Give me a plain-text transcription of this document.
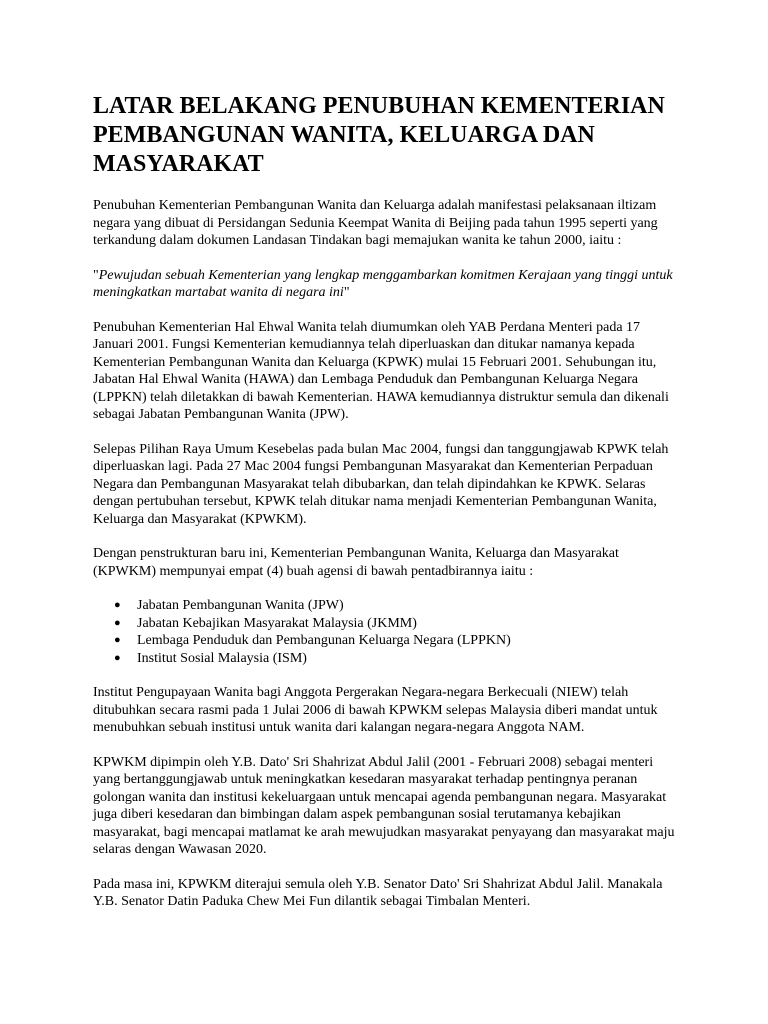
LATAR BELAKANG PENUBUHAN KEMENTERIAN PEMBANGUNAN WANITA, KELUARGA DAN MASYARAKAT

Penubuhan Kementerian Pembangunan Wanita dan Keluarga adalah manifestasi pelaksanaan iltizam negara yang dibuat di Persidangan Sedunia Keempat Wanita di Beijing pada tahun 1995 seperti yang terkandung dalam dokumen Landasan Tindakan bagi memajukan wanita ke tahun 2000, iaitu :

"Pewujudan sebuah Kementerian yang lengkap menggambarkan komitmen Kerajaan yang tinggi untuk meningkatkan martabat wanita di negara ini"

Penubuhan Kementerian Hal Ehwal Wanita telah diumumkan oleh YAB Perdana Menteri pada 17 Januari 2001. Fungsi Kementerian kemudiannya telah diperluaskan dan ditukar namanya kepada Kementerian Pembangunan Wanita dan Keluarga (KPWK) mulai 15 Februari 2001. Sehubungan itu, Jabatan Hal Ehwal Wanita (HAWA) dan Lembaga Penduduk dan Pembangunan Keluarga Negara (LPPKN) telah diletakkan di bawah Kementerian. HAWA kemudiannya distruktur semula dan dikenali sebagai Jabatan Pembangunan Wanita (JPW).

Selepas Pilihan Raya Umum Kesebelas pada bulan Mac 2004, fungsi dan tanggungjawab KPWK telah diperluaskan lagi. Pada 27 Mac 2004 fungsi Pembangunan Masyarakat dan Kementerian Perpaduan Negara dan Pembangunan Masyarakat telah dibubarkan, dan telah dipindahkan ke KPWK. Selaras dengan pertubuhan tersebut, KPWK telah ditukar nama menjadi Kementerian Pembangunan Wanita, Keluarga dan Masyarakat (KPWKM).

Dengan penstrukturan baru ini, Kementerian Pembangunan Wanita, Keluarga dan Masyarakat (KPWKM) mempunyai empat (4) buah agensi di bawah pentadbirannya iaitu :

● Jabatan Pembangunan Wanita (JPW)
● Jabatan Kebajikan Masyarakat Malaysia (JKMM)
● Lembaga Penduduk dan Pembangunan Keluarga Negara (LPPKN)
● Institut Sosial Malaysia (ISM)

Institut Pengupayaan Wanita bagi Anggota Pergerakan Negara-negara Berkecuali (NIEW) telah ditubuhkan secara rasmi pada 1 Julai 2006 di bawah KPWKM selepas Malaysia diberi mandat untuk menubuhkan sebuah institusi untuk wanita dari kalangan negara-negara Anggota NAM.

KPWKM dipimpin oleh Y.B. Dato' Sri Shahrizat Abdul Jalil (2001 - Februari 2008) sebagai menteri yang bertanggungjawab untuk meningkatkan kesedaran masyarakat terhadap pentingnya peranan golongan wanita dan institusi kekeluargaan untuk mencapai agenda pembangunan negara. Masyarakat juga diberi kesedaran dan bimbingan dalam aspek pembangunan sosial terutamanya kebajikan masyarakat, bagi mencapai matlamat ke arah mewujudkan masyarakat penyayang dan masyarakat maju selaras dengan Wawasan 2020.

Pada masa ini, KPWKM diterajui semula oleh Y.B. Senator Dato' Sri Shahrizat Abdul Jalil. Manakala Y.B. Senator Datin Paduka Chew Mei Fun dilantik sebagai Timbalan Menteri.
